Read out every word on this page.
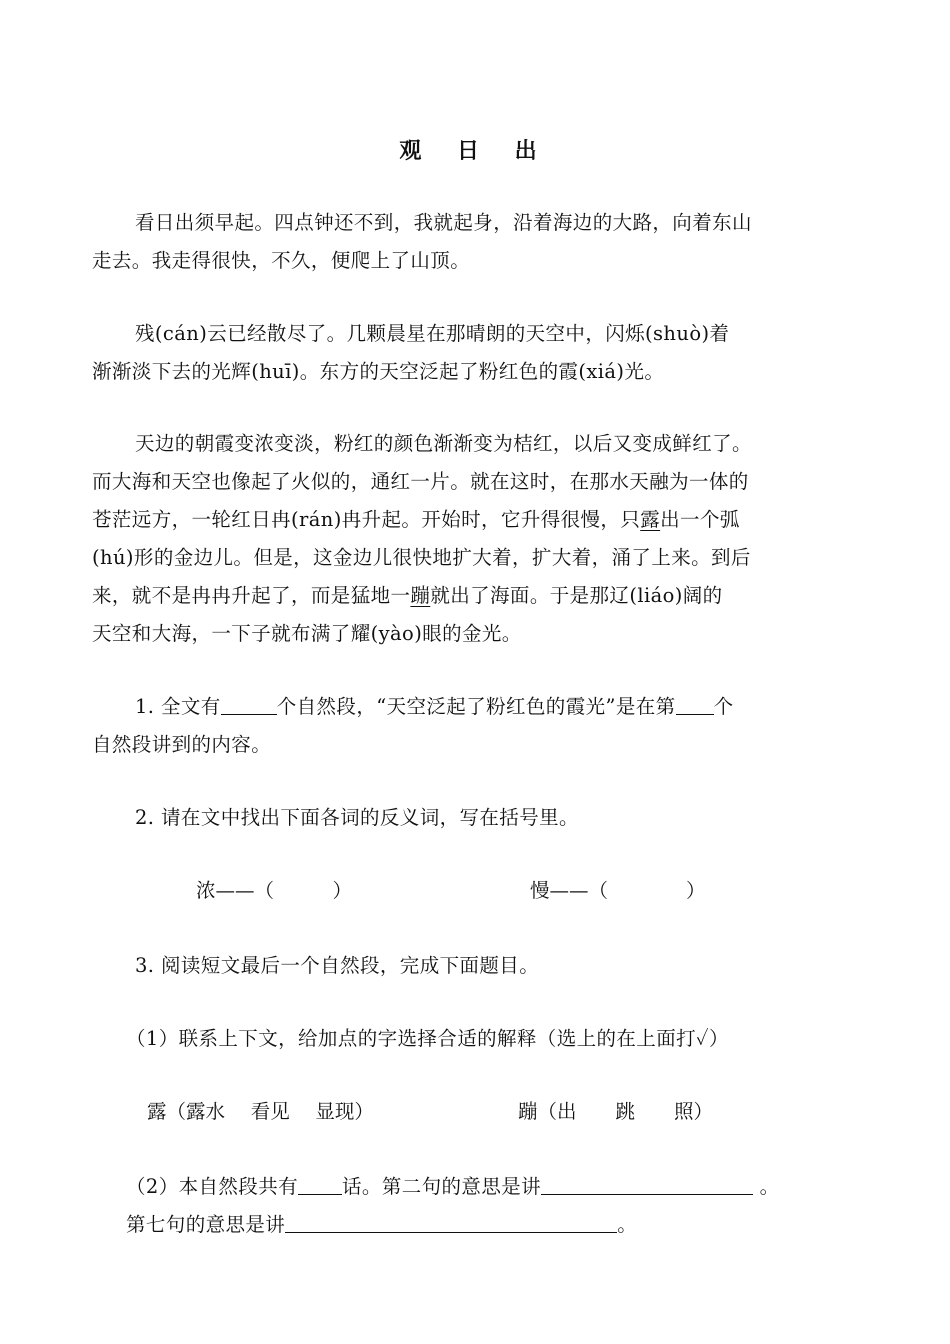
观 日 出
看日出须早起。四点钟还不到，我就起身，沿着海边的大路，向着东山
走去。我走得很快，不久，便爬上了山顶。
残(cán)云已经散尽了。几颗晨星在那晴朗的天空中，闪烁(shuò)着
渐渐淡下去的光辉(huī)。东方的天空泛起了粉红色的霞(xiá)光。
天边的朝霞变浓变淡，粉红的颜色渐渐变为桔红，以后又变成鲜红了。
而大海和天空也像起了火似的，通红一片。就在这时，在那水天融为一体的
苍茫远方，一轮红日冉(rán)冉升起。开始时，它升得很慢，只露出一个弧
(hú)形的金边儿。但是，这金边儿很快地扩大着，扩大着，涌了上来。到后
来，就不是冉冉升起了，而是猛地一蹦就出了海面。于是那辽(liáo)阔的
天空和大海，一下子就布满了耀(yào)眼的金光。
1. 全文有	个自然段，“天空泛起了粉红色的霞光”是在第 个
自然段讲到的内容。
2. 请在文中找出下面各词的反义词，写在括号里。
浓——（　　　）	慢——（　　　　）
3. 阅读短文最后一个自然段，完成下面题目。
（1）联系上下文，给加点的字选择合适的解释（选上的在上面打✓）
露（露水　 看见　 显现）	蹦（出　　跳　　照）
（2）本自然段共有 话。第二句的意思是讲	。
第七句的意思是讲	。
